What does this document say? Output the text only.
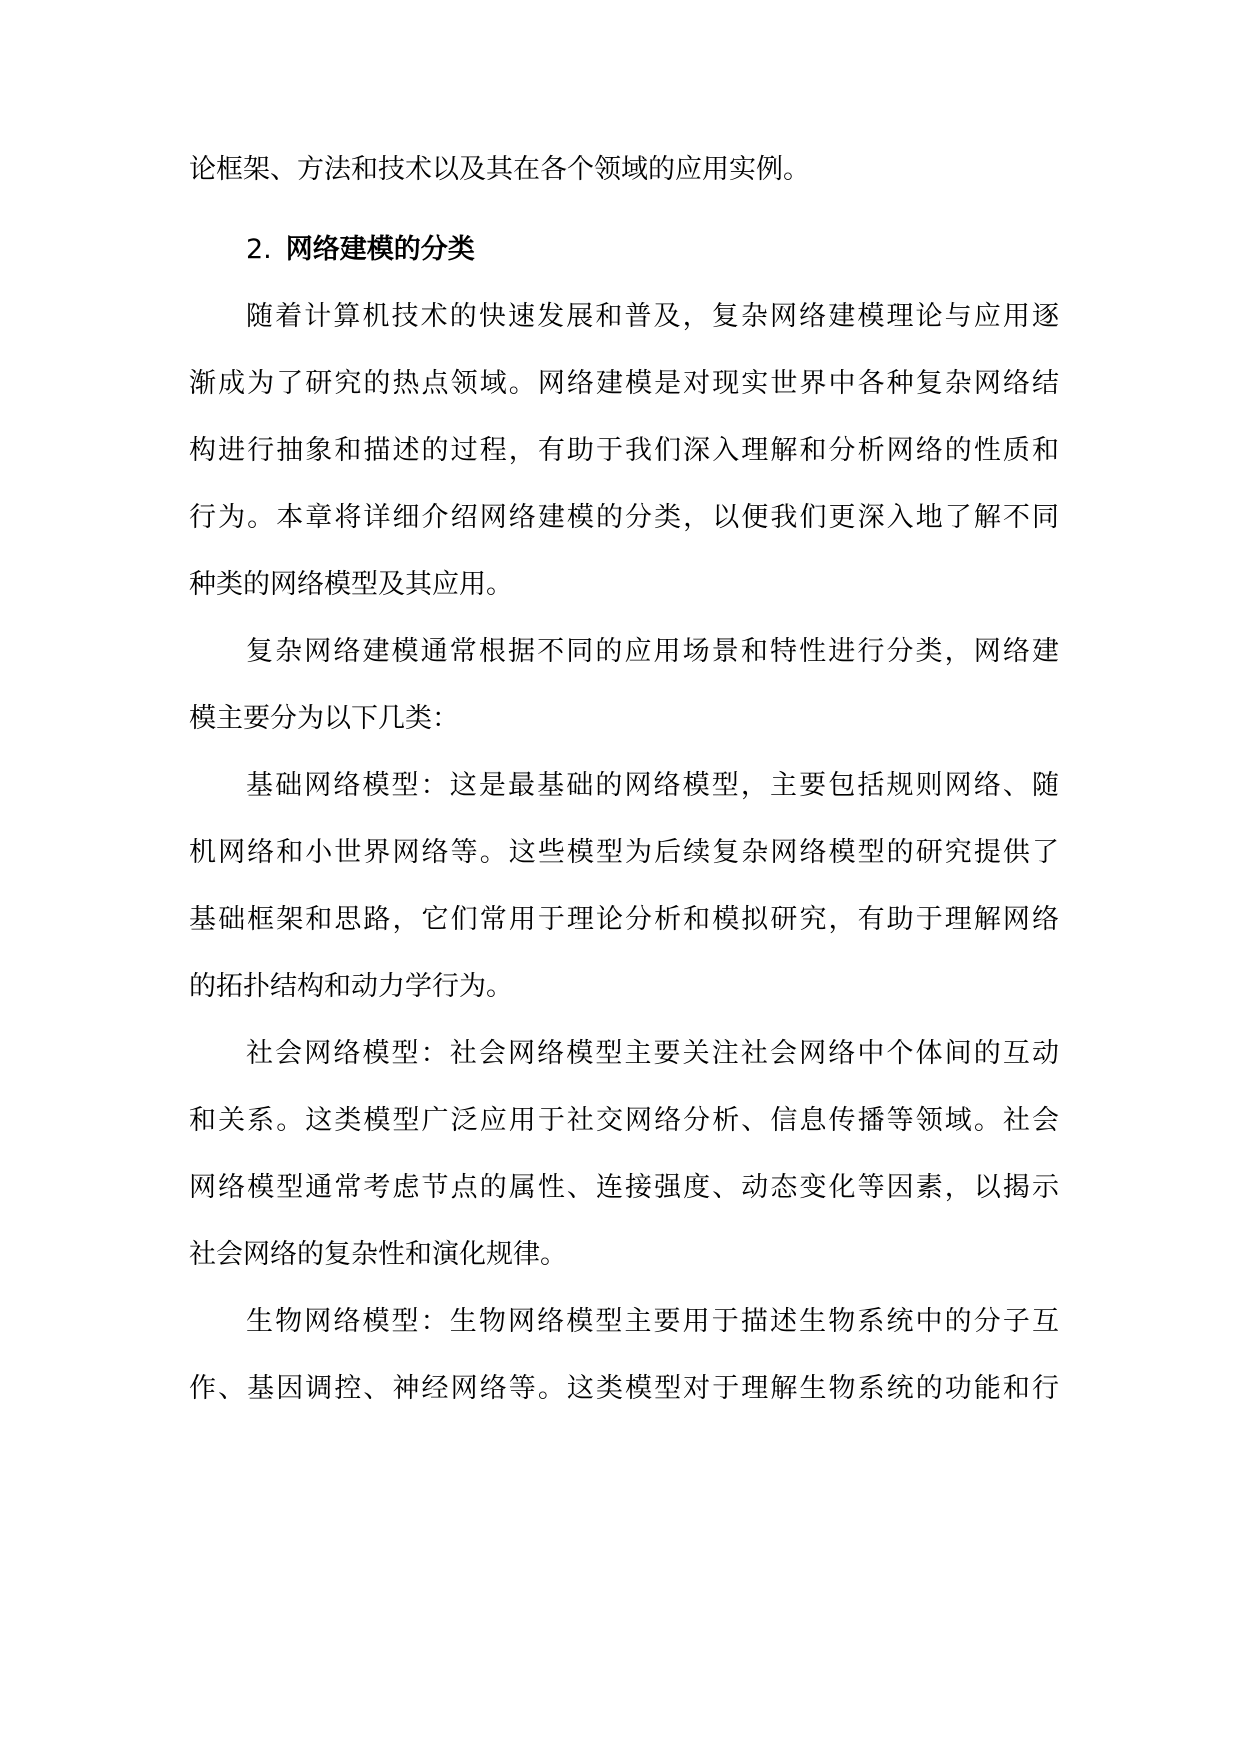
论框架、方法和技术以及其在各个领域的应用实例。
2. 网络建模的分类
随着计算机技术的快速发展和普及，复杂网络建模理论与应用逐
渐成为了研究的热点领域。网络建模是对现实世界中各种复杂网络结
构进行抽象和描述的过程，有助于我们深入理解和分析网络的性质和
行为。本章将详细介绍网络建模的分类，以便我们更深入地了解不同
种类的网络模型及其应用。
复杂网络建模通常根据不同的应用场景和特性进行分类，网络建
模主要分为以下几类：
基础网络模型：这是最基础的网络模型，主要包括规则网络、随
机网络和小世界网络等。这些模型为后续复杂网络模型的研究提供了
基础框架和思路，它们常用于理论分析和模拟研究，有助于理解网络
的拓扑结构和动力学行为。
社会网络模型：社会网络模型主要关注社会网络中个体间的互动
和关系。这类模型广泛应用于社交网络分析、信息传播等领域。社会
网络模型通常考虑节点的属性、连接强度、动态变化等因素，以揭示
社会网络的复杂性和演化规律。
生物网络模型：生物网络模型主要用于描述生物系统中的分子互
作、基因调控、神经网络等。这类模型对于理解生物系统的功能和行
